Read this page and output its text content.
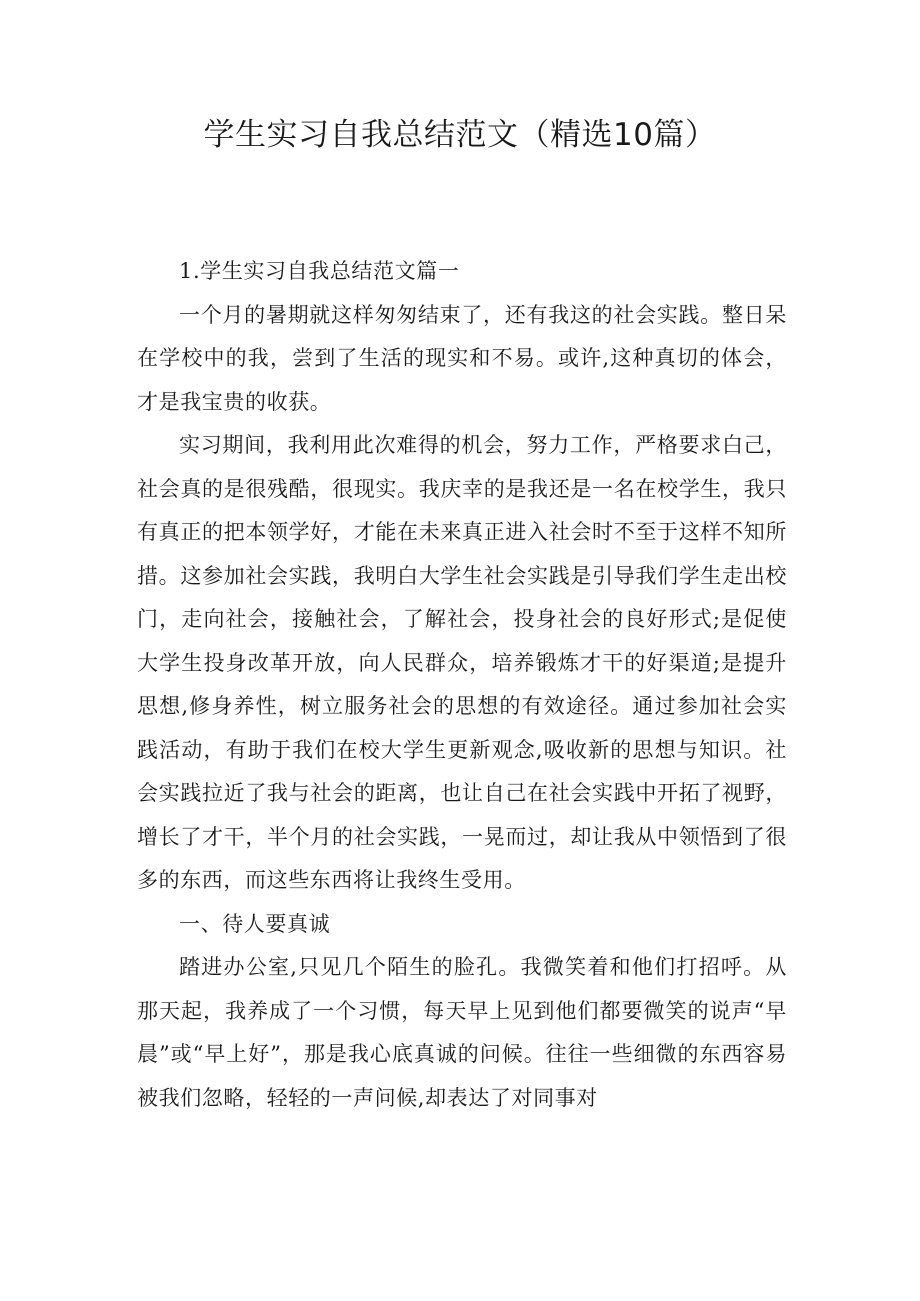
学生实习自我总结范文（精选10篇）

1.学生实习自我总结范文篇一

一个月的暑期就这样匆匆结束了，还有我这的社会实践。整日呆在学校中的我，尝到了生活的现实和不易。或许,这种真切的体会，才是我宝贵的收获。

实习期间，我利用此次难得的机会，努力工作，严格要求白己，社会真的是很残酷，很现实。我庆幸的是我还是一名在校学生，我只有真正的把本领学好，才能在未来真正进入社会时不至于这样不知所措。这参加社会实践，我明白大学生社会实践是引导我们学生走出校门，走向社会，接触社会，了解社会，投身社会的良好形式;是促使大学生投身改革开放，向人民群众，培养锻炼才干的好渠道;是提升思想,修身养性，树立服务社会的思想的有效途径。通过参加社会实践活动，有助于我们在校大学生更新观念,吸收新的思想与知识。社会实践拉近了我与社会的距离，也让自己在社会实践中开拓了视野，增长了才干，半个月的社会实践，一晃而过，却让我从中领悟到了很多的东西，而这些东西将让我终生受用。

一、待人要真诚

踏进办公室,只见几个陌生的脸孔。我微笑着和他们打招呼。从那天起，我养成了一个习惯，每天早上见到他们都要微笑的说声“早晨”或“早上好”，那是我心底真诚的问候。往往一些细微的东西容易被我们忽略，轻轻的一声问候,却表达了对同事对
